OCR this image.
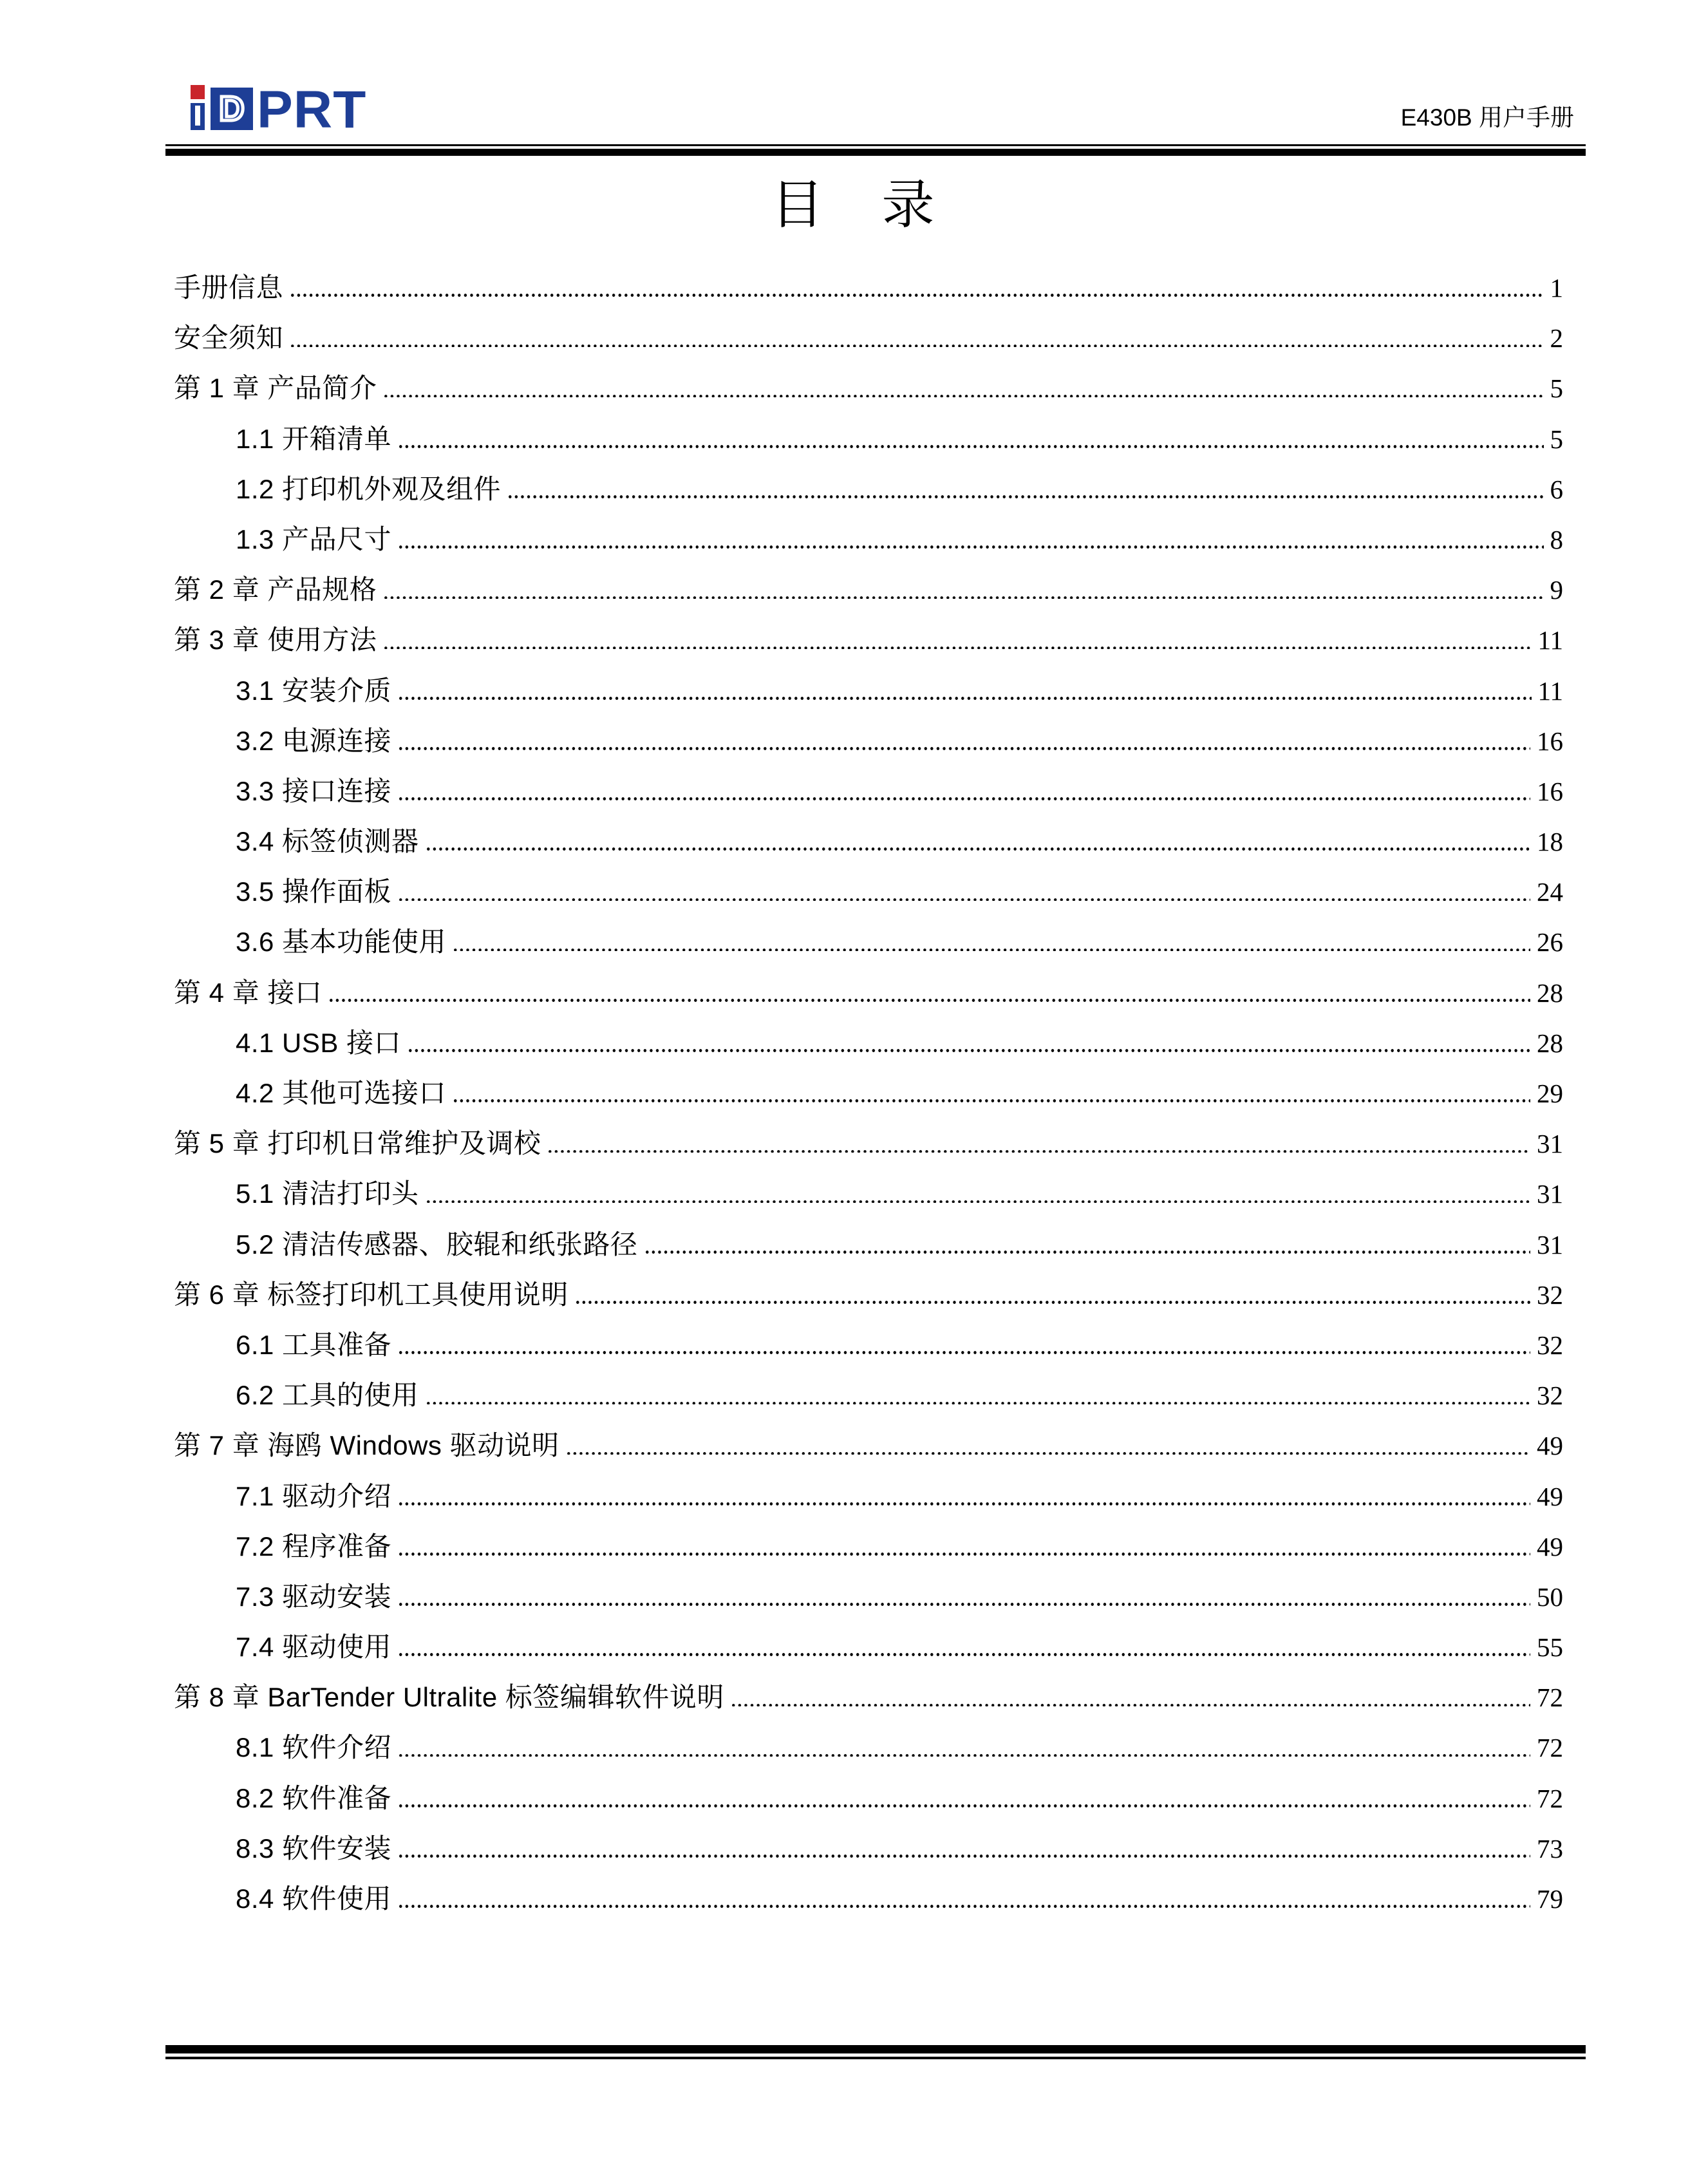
D PRT	E430B 用户手册
目　录
手册信息	1
安全须知	2
第 1 章 产品简介	5
1.1 开箱清单	5
1.2 打印机外观及组件	6
1.3 产品尺寸	8
第 2 章 产品规格	9
第 3 章 使用方法	11
3.1 安装介质	11
3.2 电源连接	16
3.3 接口连接	16
3.4 标签侦测器	18
3.5 操作面板	24
3.6 基本功能使用	26
第 4 章 接口	28
4.1 USB 接口	28
4.2 其他可选接口	29
第 5 章 打印机日常维护及调校	31
5.1 清洁打印头	31
5.2 清洁传感器、胶辊和纸张路径	31
第 6 章 标签打印机工具使用说明	32
6.1 工具准备	32
6.2 工具的使用	32
第 7 章 海鸥 Windows 驱动说明	49
7.1 驱动介绍	49
7.2 程序准备	49
7.3 驱动安装	50
7.4 驱动使用	55
第 8 章 BarTender Ultralite 标签编辑软件说明	72
8.1 软件介绍	72
8.2 软件准备	72
8.3 软件安装	73
8.4 软件使用	79
